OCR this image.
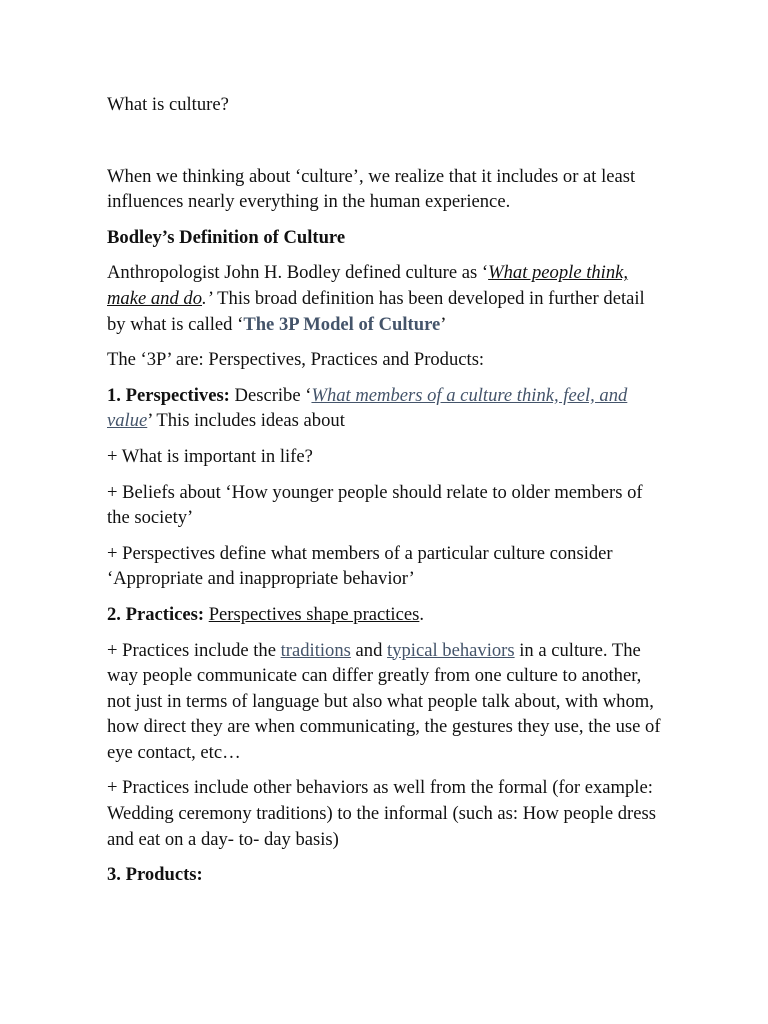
What is culture?

When we thinking about ‘culture’, we realize that it includes or at least influences nearly everything in the human experience.

Bodley’s Definition of Culture

Anthropologist John H. Bodley defined culture as ‘What people think, make and do.’ This broad definition has been developed in further detail by what is called ‘The 3P Model of Culture’

The ‘3P’ are: Perspectives, Practices and Products:

1. Perspectives: Describe ‘What members of a culture think, feel, and value’ This includes ideas about

+ What is important in life?

+ Beliefs about ‘How younger people should relate to older members of the society’

+ Perspectives define what members of a particular culture consider ‘Appropriate and inappropriate behavior’

2. Practices: Perspectives shape practices.

+ Practices include the traditions and typical behaviors in a culture. The way people communicate can differ greatly from one culture to another, not just in terms of language but also what people talk about, with whom, how direct they are when communicating, the gestures they use, the use of eye contact, etc…

+ Practices include other behaviors as well from the formal (for example: Wedding ceremony traditions) to the informal (such as: How people dress and eat on a day- to- day basis)

3. Products:
